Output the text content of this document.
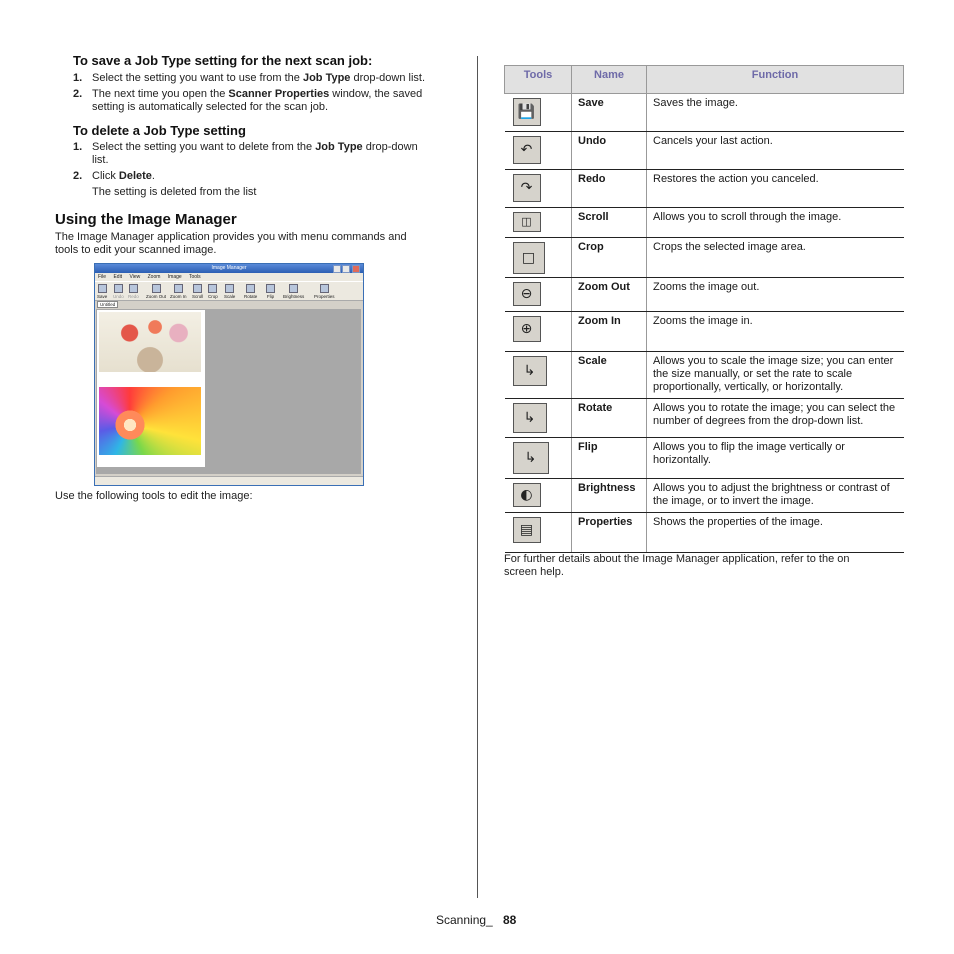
To save a Job Type setting for the next scan job:
1. Select the setting you want to use from the Job Type drop-down list.
2. The next time you open the Scanner Properties window, the saved
setting is automatically selected for the scan job.
To delete a Job Type setting
1. Select the setting you want to delete from the Job Type drop-down
list.
2. Click Delete.
The setting is deleted from the list
Using the Image Manager
The Image Manager application provides you with menu commands and
tools to edit your scanned image.
Image Manager
File Edit View Zoom Image Tools
Save Undo Redo Zoom Out Zoom In Scroll Crop Scale Rotate Flip Brightness Properties
Untitled
Use the following tools to edit the image:
Tools	Name	Function

💾	Save	Saves the image.

↶	Undo	Cancels your last action.

↷	Redo	Restores the action you canceled.

◫	Scroll	Allows you to scroll through the image.

□	Crop	Crops the selected image area.

⊖	Zoom Out	Zooms the image out.

⊕	Zoom In	Zooms the image in.

↳	Scale	Allows you to scale the image size; you can enter the size manually, or set the rate to scale proportionally, vertically, or horizontally.

↳	Rotate	Allows you to rotate the image; you can select the number of degrees from the drop-down list.

↳	Flip	Allows you to flip the image vertically or horizontally.

◐	Brightness	Allows you to adjust the brightness or contrast of the image, or to invert the image.

▤	Properties	Shows the properties of the image.
For further details about the Image Manager application, refer to the on
screen help.
Scanning_ 88
